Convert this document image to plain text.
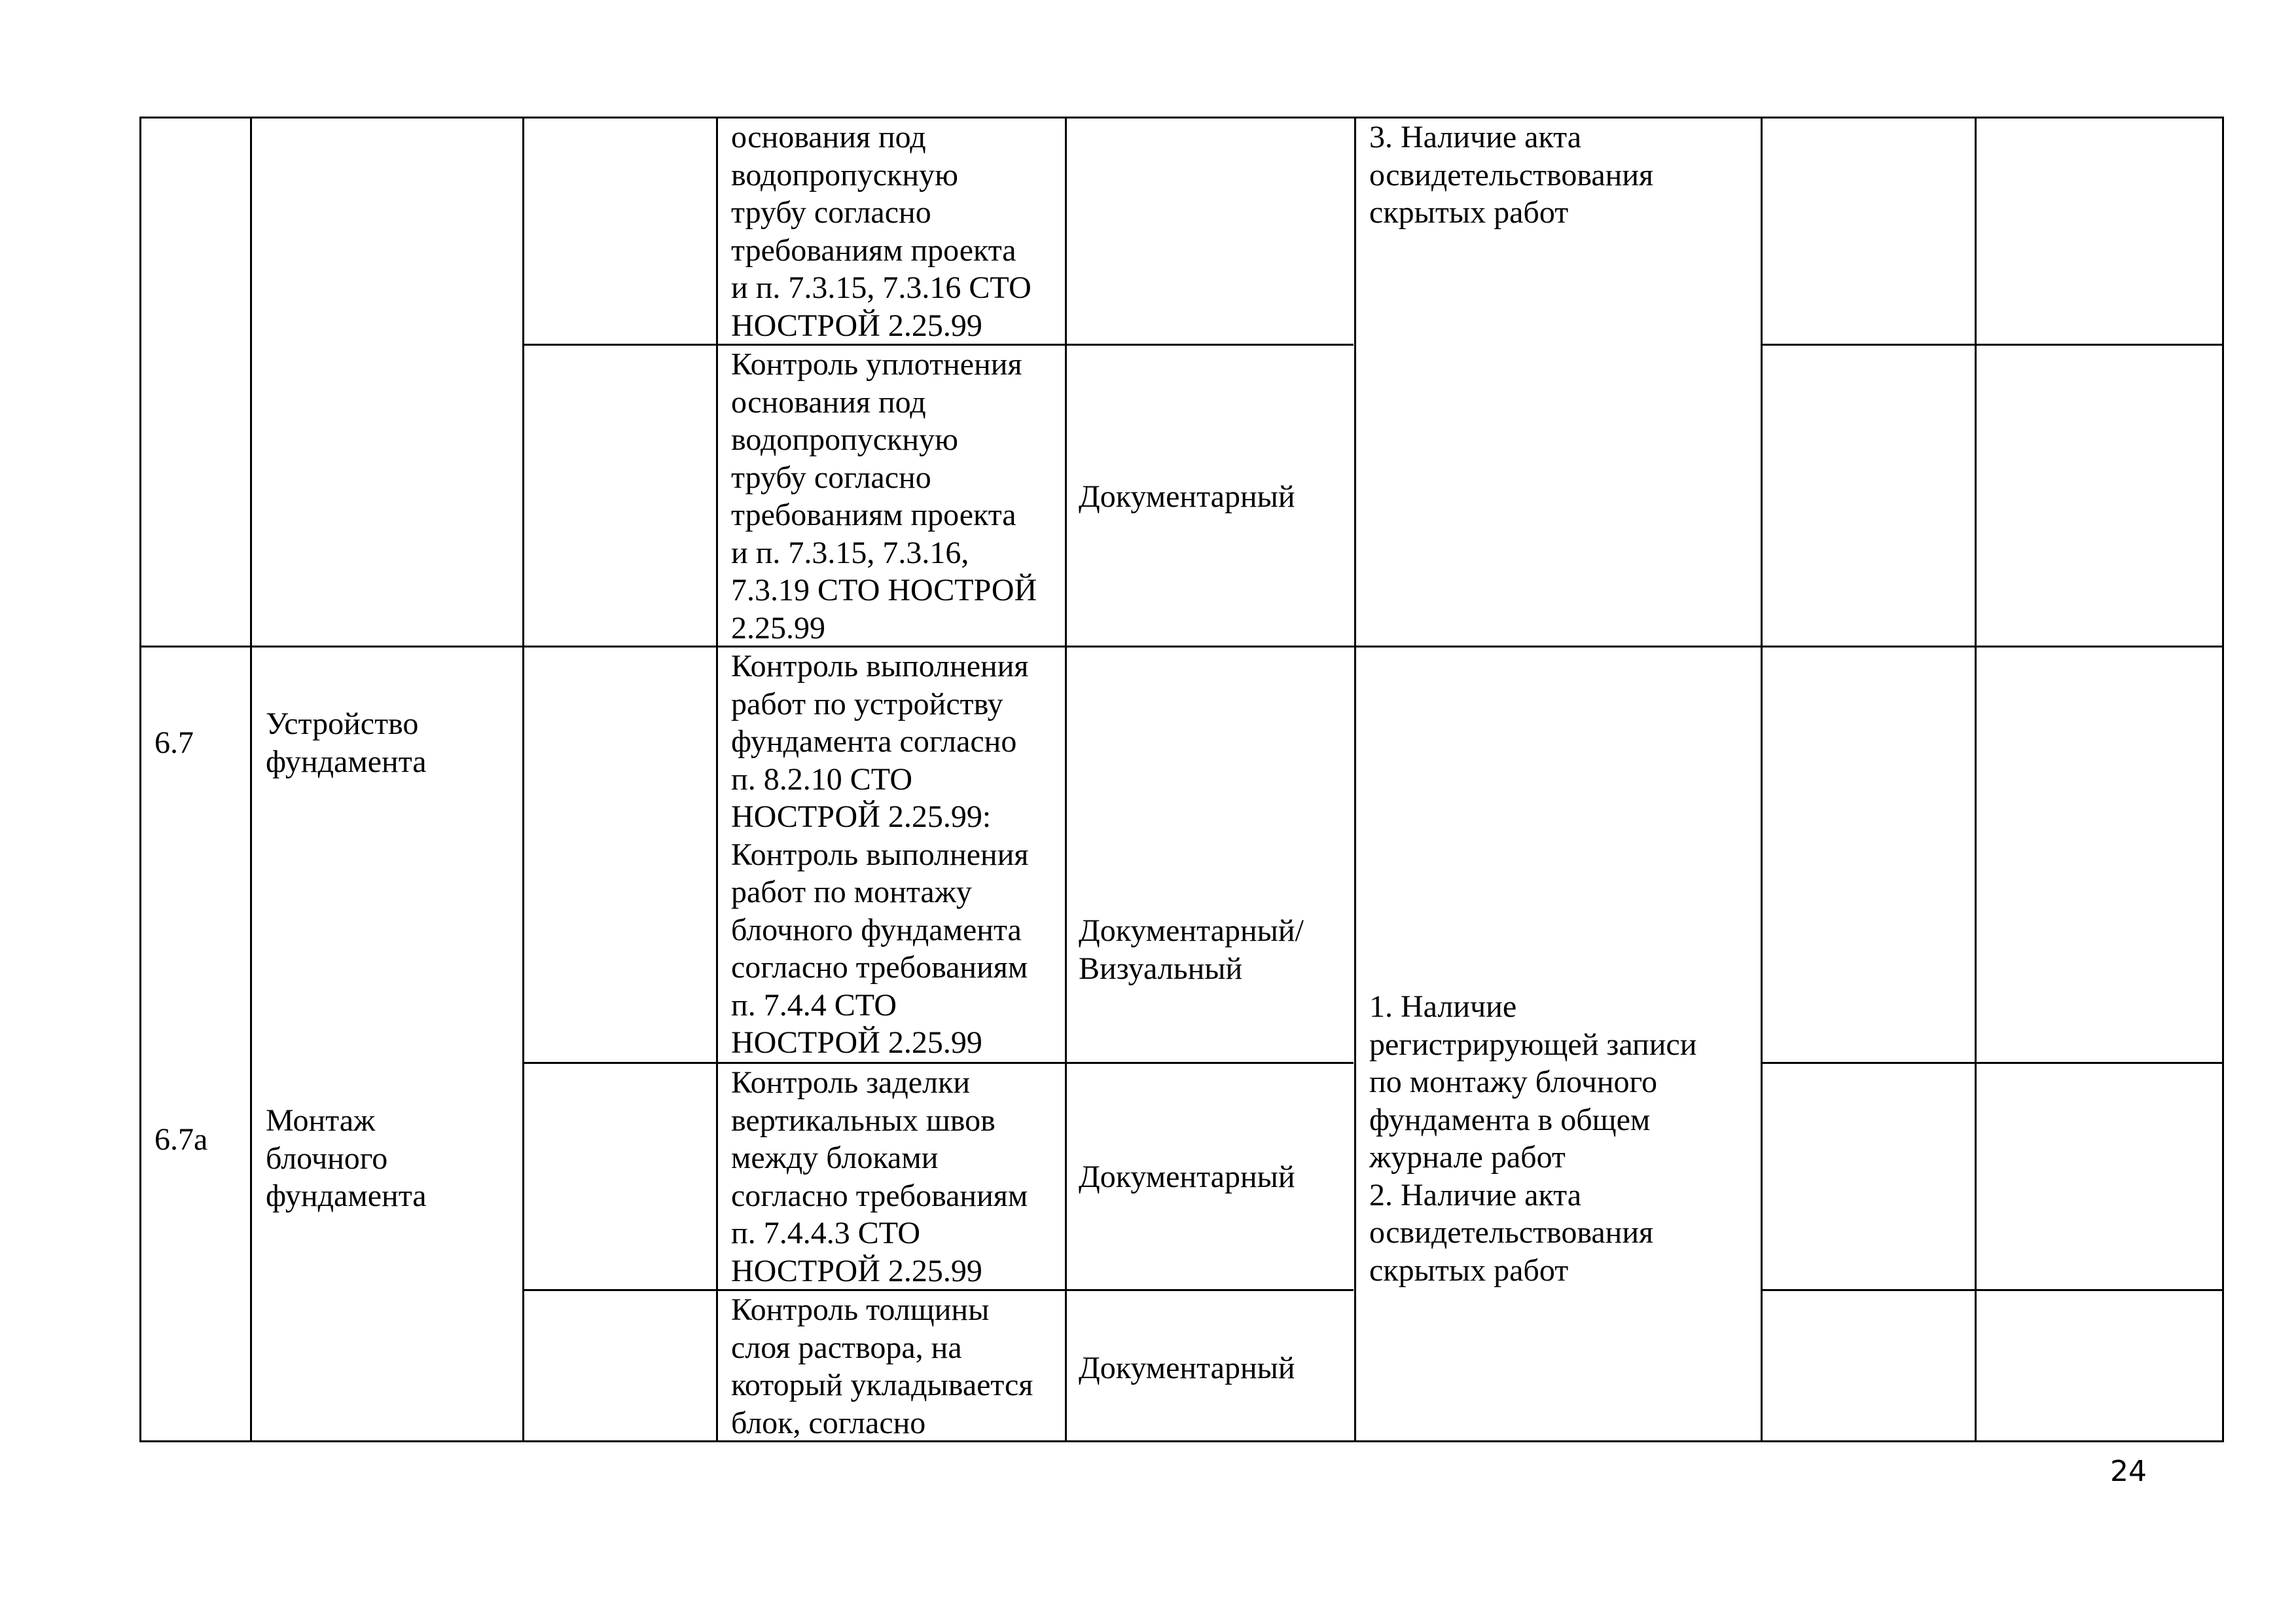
основания под
водопропускную
трубу согласно
требованиям проекта
и п. 7.3.15, 7.3.16 СТО
НОСТРОЙ 2.25.99
3. Наличие акта
освидетельствования
скрытых работ
Контроль уплотнения
основания под
водопропускную
трубу согласно
требованиям проекта
и п. 7.3.15, 7.3.16,
7.3.19 СТО НОСТРОЙ
2.25.99
Документарный
6.7
Устройство
фундамента
Контроль выполнения
работ по устройству
фундамента согласно
п. 8.2.10 СТО
НОСТРОЙ 2.25.99:
Контроль выполнения
работ по монтажу
блочного фундамента
согласно требованиям
п. 7.4.4 СТО
НОСТРОЙ 2.25.99
Документарный/
Визуальный
6.7а
Монтаж
блочного
фундамента
Контроль заделки
вертикальных швов
между блоками
согласно требованиям
п. 7.4.4.3 СТО
НОСТРОЙ 2.25.99
Документарный
Контроль толщины
слоя раствора, на
который укладывается
блок, согласно
Документарный
1. Наличие
регистрирующей записи
по монтажу блочного
фундамента в общем
журнале работ
2. Наличие акта
освидетельствования
скрытых работ
24
